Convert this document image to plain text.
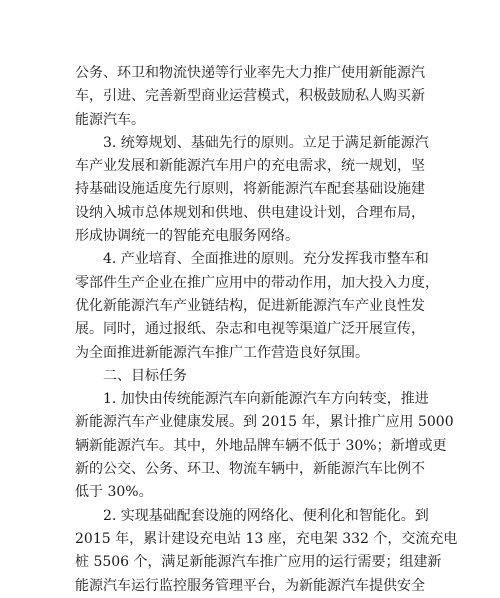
公务、环卫和物流快递等行业率先大力推广使用新能源汽
车，引进、完善新型商业运营模式，积极鼓励私人购买新
能源汽车。
3. 统筹规划、基础先行的原则。立足于满足新能源汽
车产业发展和新能源汽车用户的充电需求，统一规划，坚
持基础设施适度先行原则，将新能源汽车配套基础设施建
设纳入城市总体规划和供地、供电建设计划，合理布局，
形成协调统一的智能充电服务网络。
4. 产业培育、全面推进的原则。充分发挥我市整车和
零部件生产企业在推广应用中的带动作用，加大投入力度，
优化新能源汽车产业链结构，促进新能源汽车产业良性发
展。同时，通过报纸、杂志和电视等渠道广泛开展宣传，
为全面推进新能源汽车推广工作营造良好氛围。
二、目标任务
1. 加快由传统能源汽车向新能源汽车方向转变，推进
新能源汽车产业健康发展。到 2015 年，累计推广应用 5000
辆新能源汽车。其中，外地品牌车辆不低于 30%；新增或更
新的公交、公务、环卫、物流车辆中，新能源汽车比例不
低于 30%。
2. 实现基础配套设施的网络化、便利化和智能化。到
2015 年，累计建设充电站 13 座，充电架 332 个，交流充电
桩 5506 个，满足新能源汽车推广应用的运行需要；组建新
能源汽车运行监控服务管理平台，为新能源汽车提供安全
